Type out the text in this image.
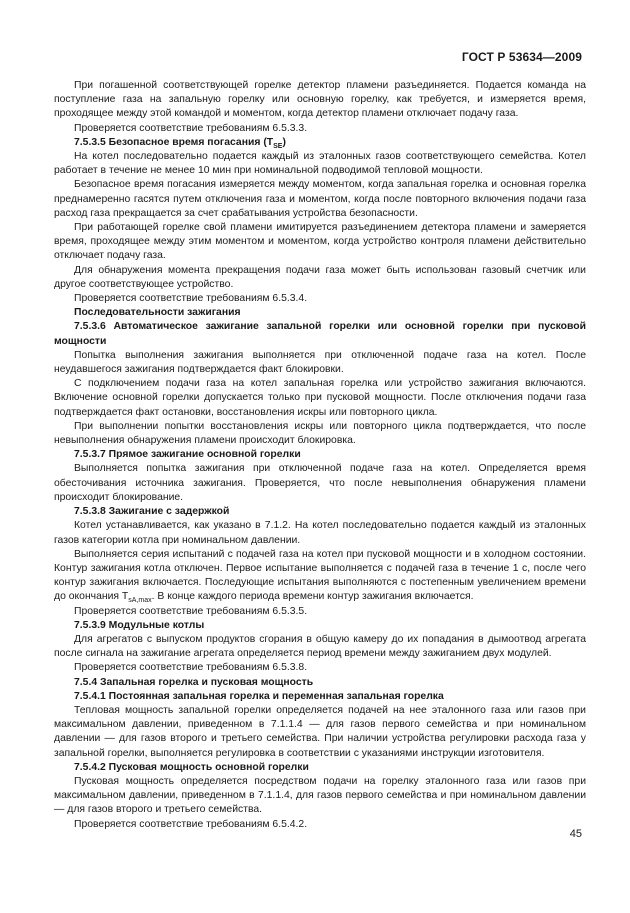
ГОСТ Р 53634—2009

При погашенной соответствующей горелке детектор пламени разъединяется. Подается команда на поступление газа на запальную горелку или основную горелку, как требуется, и измеряется время, проходящее между этой командой и моментом, когда детектор пламени отключает подачу газа.

Проверяется соответствие требованиям 6.5.3.3.

7.5.3.5 Безопасное время погасания $(T_{SE})$

На котел последовательно подается каждый из эталонных газов соответствующего семейства. Котел работает в течение не менее 10 мин при номинальной подводимой тепловой мощности.

Безопасное время погасания измеряется между моментом, когда запальная горелка и основная горелка преднамеренно гасятся путем отключения газа и моментом, когда после повторного включения подачи газа расход газа прекращается за счет срабатывания устройства безопасности.

При работающей горелке свой пламени имитируется разъединением детектора пламени и замеряется время, проходящее между этим моментом и моментом, когда устройство контроля пламени действительно отключает подачу газа.

Для обнаружения момента прекращения подачи газа может быть использован газовый счетчик или другое соответствующее устройство.

Проверяется соответствие требованиям 6.5.3.4.

Последовательности зажигания

7.5.3.6 Автоматическое зажигание запальной горелки или основной горелки при пусковой мощности

Попытка выполнения зажигания выполняется при отключенной подаче газа на котел. После неудавшегося зажигания подтверждается факт блокировки.

С подключением подачи газа на котел запальная горелка или устройство зажигания включаются. Включение основной горелки допускается только при пусковой мощности. После отключения подачи газа подтверждается факт остановки, восстановления искры или повторного цикла.

При выполнении попытки восстановления искры или повторного цикла подтверждается, что после невыполнения обнаружения пламени происходит блокировка.

7.5.3.7 Прямое зажигание основной горелки

Выполняется попытка зажигания при отключенной подаче газа на котел. Определяется время обесточивания источника зажигания. Проверяется, что после невыполнения обнаружения пламени происходит блокирование.

7.5.3.8 Зажигание с задержкой

Котел устанавливается, как указано в 7.1.2. На котел последовательно подается каждый из эталонных газов категории котла при номинальном давлении.

Выполняется серия испытаний с подачей газа на котел при пусковой мощности и в холодном состоянии. Контур зажигания котла отключен. Первое испытание выполняется с подачей газа в течение 1 с, после чего контур зажигания включается. Последующие испытания выполняются с постепенным увеличением времени до окончания $T_{sA,max}$. В конце каждого периода времени контур зажигания включается.

Проверяется соответствие требованиям 6.5.3.5.

7.5.3.9 Модульные котлы

Для агрегатов с выпуском продуктов сгорания в общую камеру до их попадания в дымоотвод агрегата после сигнала на зажигание агрегата определяется период времени между зажиганием двух модулей.

Проверяется соответствие требованиям 6.5.3.8.

7.5.4 Запальная горелка и пусковая мощность

7.5.4.1 Постоянная запальная горелка и переменная запальная горелка

Тепловая мощность запальной горелки определяется подачей на нее эталонного газа или газов при максимальном давлении, приведенном в 7.1.1.4 — для газов первого семейства и при номинальном давлении — для газов второго и третьего семейства. При наличии устройства регулировки расхода газа у запальной горелки, выполняется регулировка в соответствии с указаниями инструкции изготовителя.

7.5.4.2 Пусковая мощность основной горелки

Пусковая мощность определяется посредством подачи на горелку эталонного газа или газов при максимальном давлении, приведенном в 7.1.1.4, для газов первого семейства и при номинальном давлении — для газов второго и третьего семейства.

Проверяется соответствие требованиям 6.5.4.2.

45
